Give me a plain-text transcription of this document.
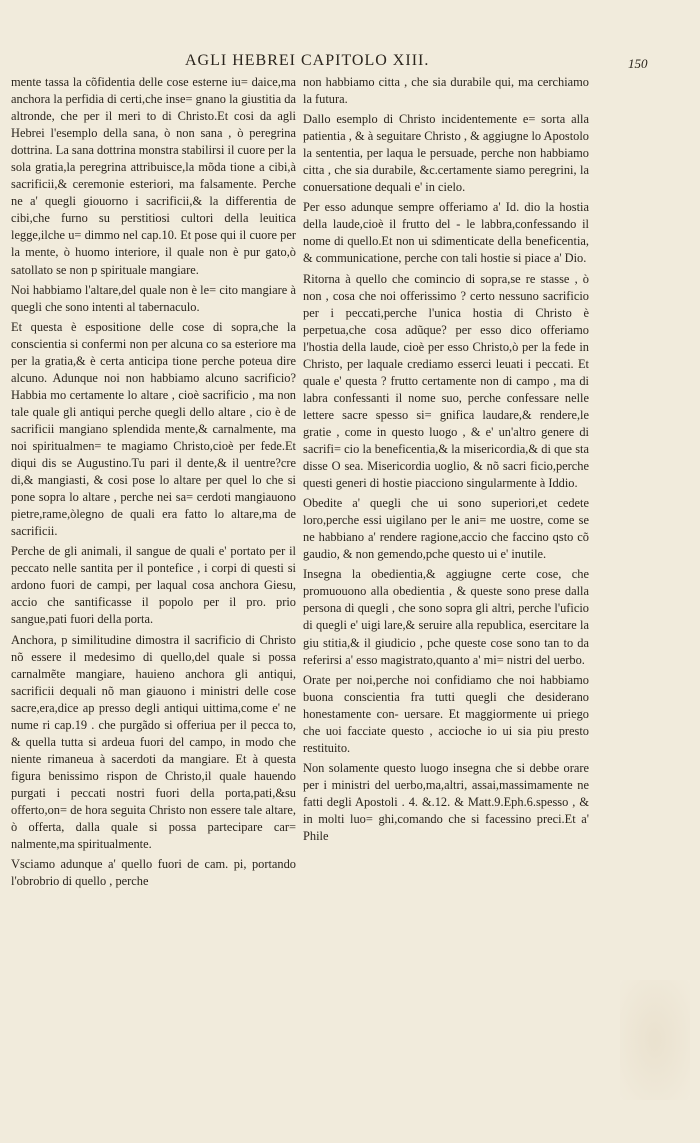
AGLI HEBREI CAPITOLO XIII.	150

mente tassa la cõfidentia delle cose esterne iu= daice,ma anchora la perfidia di certi,che inse= gnano la giustitia da altronde, che per il meri to di Christo.Et cosi da agli Hebrei l'esemplo della sana, ò non sana , ò peregrina dottrina. La sana dottrina monstra stabilirsi il cuore per la sola gratia,la peregrina attribuisce,la mõda tione a cibi,à sacrificii,& ceremonie esteriori, ma falsamente. Perche ne a' quegli giouorno i sacrificii,& la differentia de cibi,che furno su perstitiosi cultori della leuitica legge,ilche u= dimmo nel cap.10. Et pose qui il cuore per la mente, ò huomo interiore, il quale non è pur gato,ò satollato se non p spirituale mangiare.

Noi habbiamo l'altare,del quale non è le= cito mangiare à quegli che sono intenti al tabernaculo.

Et questa è espositione delle cose di sopra,che la conscientia si confermi non per alcuna co sa esteriore ma per la gratia,& è certa anticipa tione perche poteua dire alcuno. Adunque noi non habbiamo alcuno sacrificio?Habbia mo certamente lo altare , cioè sacrificio , ma non tale quale gli antiqui perche quegli dello altare , cio è de sacrificii mangiano splendida mente,& carnalmente, ma noi spiritualmen= te magiamo Christo,cioè per fede.Et diqui dis se Augustino.Tu pari il dente,& il uentre?cre di,& mangiasti, & cosi pose lo altare per quel lo che si pone sopra lo altare , perche nei sa= cerdoti mangiauono pietre,rame,òlegno de quali era fatto lo altare,ma de sacrificii.

Perche de gli animali, il sangue de quali e' portato per il peccato nelle santita per il pontefice , i corpi di questi si ardono fuori de campi, per laqual cosa anchora Giesu, accio che santificasse il popolo per il pro. prio sangue,pati fuori della porta.

Anchora, p similitudine dimostra il sacrificio di Christo nõ essere il medesimo di quello,del quale si possa carnalmẽte mangiare, hauieno anchora gli antiqui, sacrificii dequali nõ man giauono i ministri delle cose sacre,era,dice ap presso degli antiqui uittima,come e' ne nume ri cap.19 . che purgãdo si offeriua per il pecca to, & quella tutta si ardeua fuori del campo, in modo che niente rimaneua à sacerdoti da mangiare. Et à questa figura benissimo rispon de Christo,il quale hauendo purgati i peccati nostri fuori della porta,pati,&su offerto,on= de hora seguita Christo non essere tale altare, ò offerta, dalla quale si possa partecipare car= nalmente,ma spiritualmente.

Vsciamo adunque a' quello fuori de cam. pi, portando l'obrobrio di quello , perche

non habbiamo citta , che sia durabile qui, ma cerchiamo la futura.

Dallo esemplo di Christo incidentemente e= sorta alla patientia , & à seguitare Christo , & aggiugne lo Apostolo la sententia, per laqua le persuade, perche non habbiamo citta , che sia durabile, &c.certamente siamo peregrini, la conuersatione dequali e' in cielo.

Per esso adunque sempre offeriamo a' Id. dio la hostia della laude,cioè il frutto del - le labbra,confessando il nome di quello.Et non ui sdimenticate della beneficentia, & communicatione, perche con tali hostie si piace a' Dio.

Ritorna à quello che comincio di sopra,se re stasse , ò non , cosa che noi offerissimo ? certo nessuno sacrificio per i peccati,perche l'unica hostia di Christo è perpetua,che cosa adũque? per esso dico offeriamo l'hostia della laude, cioè per esso Christo,ò per la fede in Christo, per laquale crediamo esserci leuati i peccati. Et quale e' questa ? frutto certamente non di campo , ma di labra confessanti il nome suo, perche confessare nelle lettere sacre spesso si= gnifica laudare,& rendere,le gratie , come in questo luogo , & e' un'altro genere di sacrifi= cio la beneficentia,& la misericordia,& di que sta disse O sea. Misericordia uoglio, & nõ sacri ficio,perche questi generi di hostie piacciono singularmente à Iddio.

Obedite a' quegli che ui sono superiori,et cedete loro,perche essi uigilano per le ani= me uostre, come se ne habbiano a' rendere ragione,accio che faccino qsto cõ gaudio, & non gemendo,pche questo ui e' inutile.

Insegna la obedientia,& aggiugne certe cose, che promuouono alla obedientia , & queste sono prese dalla persona di quegli , che sono sopra gli altri, perche l'uficio di quegli e' uigi lare,& seruire alla republica, esercitare la giu stitia,& il giudicio , pche queste cose sono tan to da referirsi a' esso magistrato,quanto a' mi= nistri del uerbo.

Orate per noi,perche noi confidiamo che noi habbiamo buona conscientia fra tutti quegli che desiderano honestamente con- uersare. Et maggiormente ui priego che uoi facciate questo , accioche io ui sia piu presto restituito.

Non solamente questo luogo insegna che si debbe orare per i ministri del uerbo,ma,altri, assai,massimamente ne fatti degli Apostoli . 4. &.12. & Matt.9.Eph.6.spesso , & in molti luo= ghi,comando che si facessino preci.Et a' Phile
